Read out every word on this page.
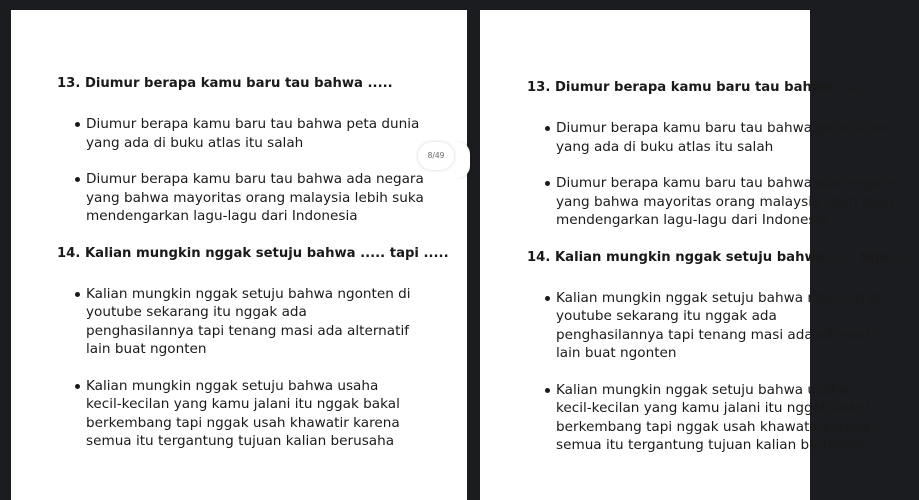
13. Diumur berapa kamu baru tau bahwa .....

Diumur berapa kamu baru tau bahwa peta dunia
yang ada di buku atlas itu salah
Diumur berapa kamu baru tau bahwa ada negara
yang bahwa mayoritas orang malaysia lebih suka
mendengarkan lagu-lagu dari Indonesia

14. Kalian mungkin nggak setuju bahwa ..... tapi .....

Kalian mungkin nggak setuju bahwa ngonten di
youtube sekarang itu nggak ada
penghasilannya tapi tenang masi ada alternatif
lain buat ngonten
Kalian mungkin nggak setuju bahwa usaha
kecil-kecilan yang kamu jalani itu nggak bakal
berkembang tapi nggak usah khawatir karena
semua itu tergantung tujuan kalian berusaha
8/49

13. Diumur berapa kamu baru tau bahwa .....

Diumur berapa kamu baru tau bahwa peta dunia
yang ada di buku atlas itu salah
Diumur berapa kamu baru tau bahwa ada negara
yang bahwa mayoritas orang malaysia lebih suka
mendengarkan lagu-lagu dari Indonesia

14. Kalian mungkin nggak setuju bahwa ..... tapi .....

Kalian mungkin nggak setuju bahwa ngonten di
youtube sekarang itu nggak ada
penghasilannya tapi tenang masi ada alternatif
lain buat ngonten
Kalian mungkin nggak setuju bahwa usaha
kecil-kecilan yang kamu jalani itu nggak bakal
berkembang tapi nggak usah khawatir karena
semua itu tergantung tujuan kalian berusaha
